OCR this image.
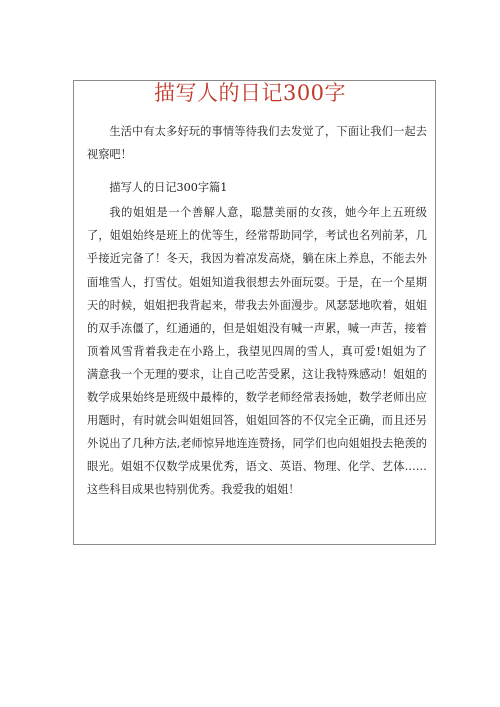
描写人的日记300字

生活中有太多好玩的事情等待我们去发觉了，下面让我们一起去视察吧！

描写人的日记300字篇1

我的姐姐是一个善解人意，聪慧美丽的女孩，她今年上五班级了，姐姐始终是班上的优等生，经常帮助同学，考试也名列前茅，几乎接近完备了！冬天，我因为着凉发高烧，躺在床上养息，不能去外面堆雪人，打雪仗。姐姐知道我很想去外面玩耍。于是，在一个星期天的时候，姐姐把我背起来，带我去外面漫步。风瑟瑟地吹着，姐姐的双手冻僵了，红通通的，但是姐姐没有喊一声累，喊一声苦，接着顶着风雪背着我走在小路上，我望见四周的雪人，真可爱!姐姐为了满意我一个无理的要求，让自己吃苦受累，这让我特殊感动！姐姐的数学成果始终是班级中最棒的，数学老师经常表扬她，数学老师出应用题时，有时就会叫姐姐回答，姐姐回答的不仅完全正确，而且还另外说出了几种方法,老师惊异地连连赞扬，同学们也向姐姐投去艳羡的眼光。姐姐不仅数学成果优秀，语文、英语、物理、化学、艺体……这些科目成果也特别优秀。我爱我的姐姐！
